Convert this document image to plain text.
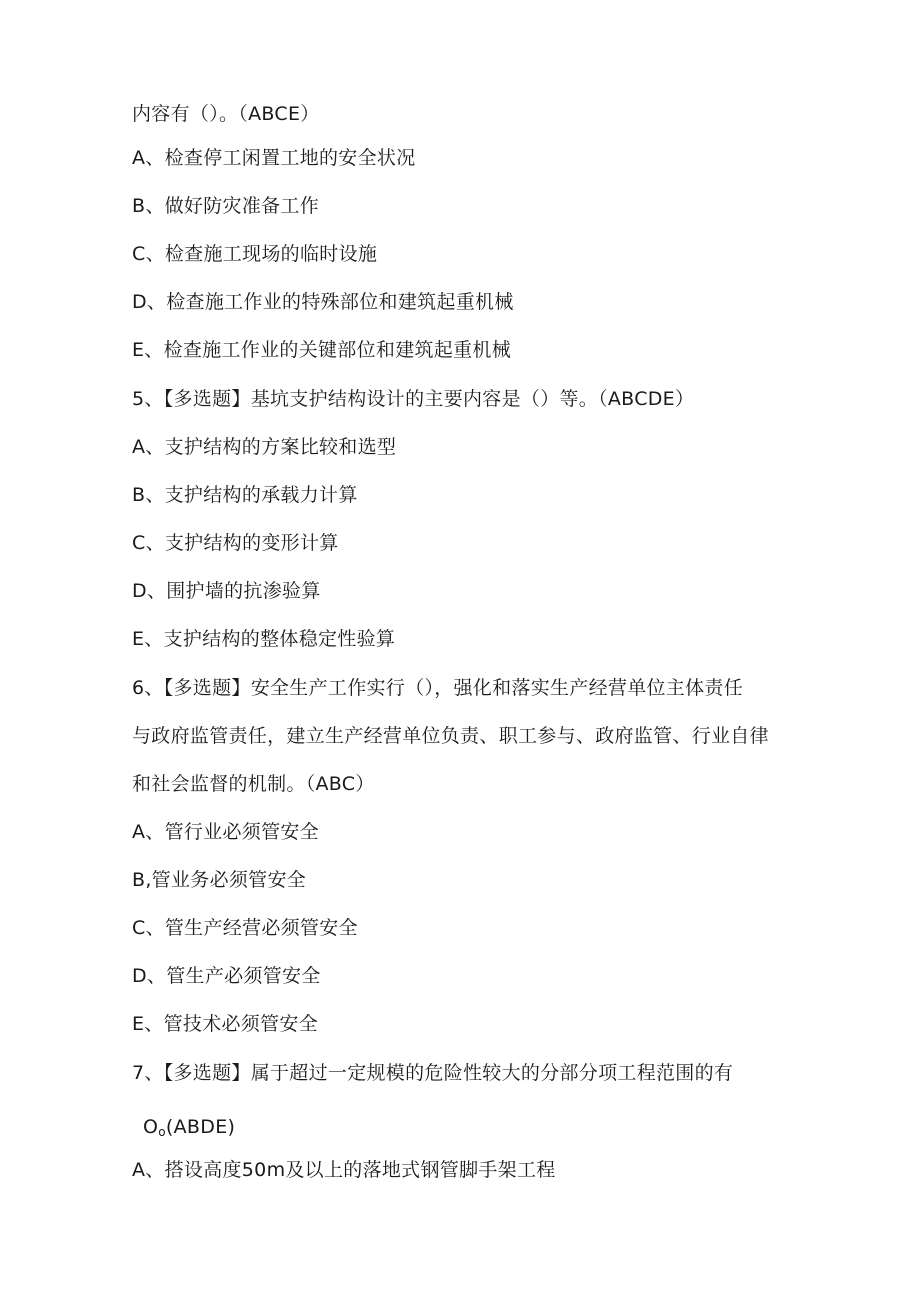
内容有（）。（ABCE）
A、检查停工闲置工地的安全状况
B、做好防灾准备工作
C、检查施工现场的临时设施
D、检查施工作业的特殊部位和建筑起重机械
E、检查施工作业的关键部位和建筑起重机械
5、【多选题】基坑支护结构设计的主要内容是（）等。（ABCDE）
A、支护结构的方案比较和选型
B、支护结构的承载力计算
C、支护结构的变形计算
D、围护墙的抗渗验算
E、支护结构的整体稳定性验算
6、【多选题】安全生产工作实行（），强化和落实生产经营单位主体责任
与政府监管责任，建立生产经营单位负责、职工参与、政府监管、行业自律
和社会监督的机制。（ABC）
A、管行业必须管安全
B,管业务必须管安全
C、管生产经营必须管安全
D、管生产必须管安全
E、管技术必须管安全
7、【多选题】属于超过一定规模的危险性较大的分部分项工程范围的有
$O_o(ABDE)$
A、搭设高度50m及以上的落地式钢管脚手架工程
